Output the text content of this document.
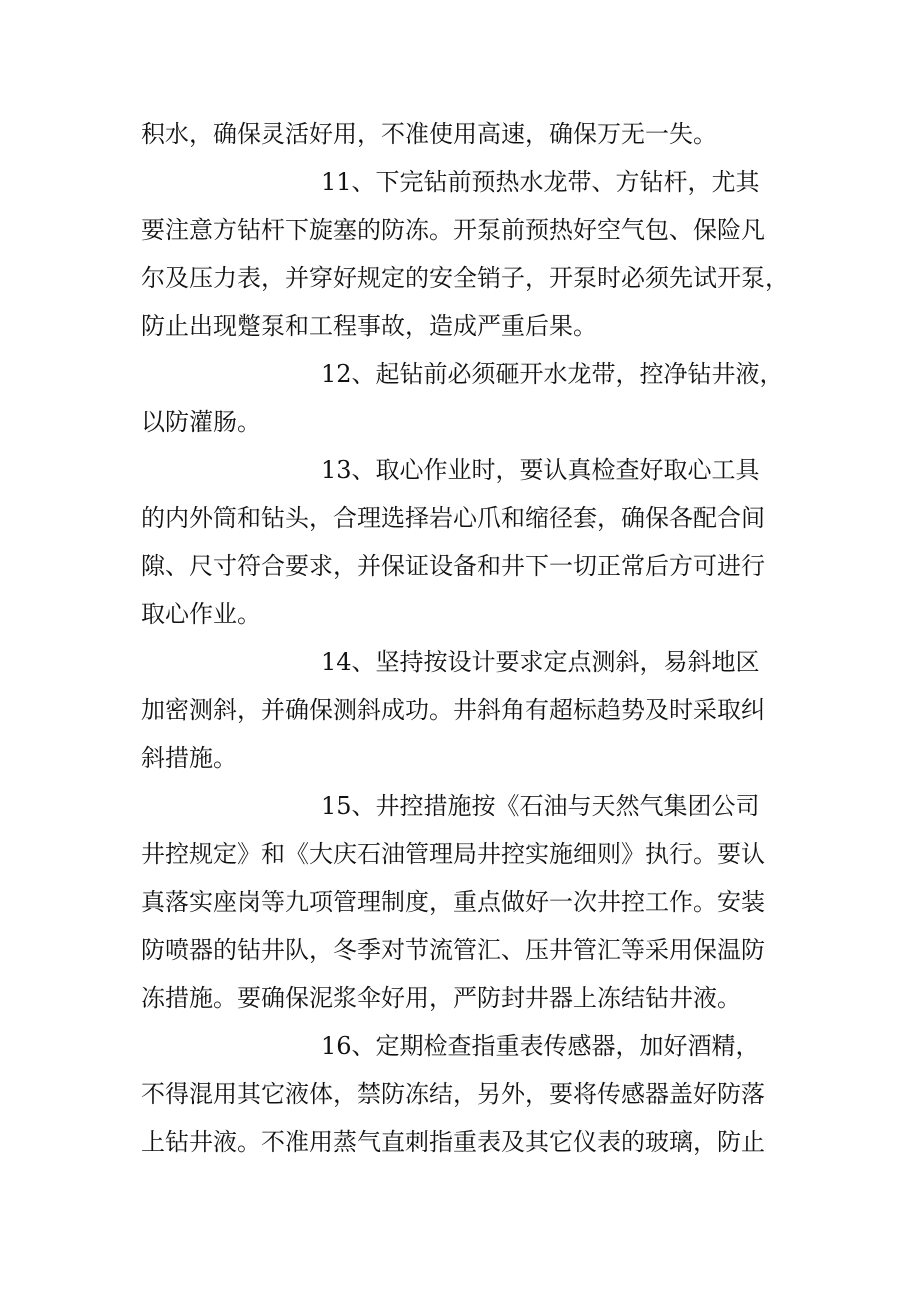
积水，确保灵活好用，不准使用高速，确保万无一失。
11、下完钻前预热水龙带、方钻杆，尤其
要注意方钻杆下旋塞的防冻。开泵前预热好空气包、保险凡
尔及压力表，并穿好规定的安全销子，开泵时必须先试开泵，
防止出现蹩泵和工程事故，造成严重后果。
12、起钻前必须砸开水龙带，控净钻井液，
以防灌肠。
13、取心作业时，要认真检查好取心工具
的内外筒和钻头，合理选择岩心爪和缩径套，确保各配合间
隙、尺寸符合要求，并保证设备和井下一切正常后方可进行
取心作业。
14、坚持按设计要求定点测斜，易斜地区
加密测斜，并确保测斜成功。井斜角有超标趋势及时采取纠
斜措施。
15、井控措施按《石油与天然气集团公司
井控规定》和《大庆石油管理局井控实施细则》执行。要认
真落实座岗等九项管理制度，重点做好一次井控工作。安装
防喷器的钻井队，冬季对节流管汇、压井管汇等采用保温防
冻措施。要确保泥浆伞好用，严防封井器上冻结钻井液。
16、定期检查指重表传感器，加好酒精，
不得混用其它液体，禁防冻结，另外，要将传感器盖好防落
上钻井液。不准用蒸气直刺指重表及其它仪表的玻璃，防止
